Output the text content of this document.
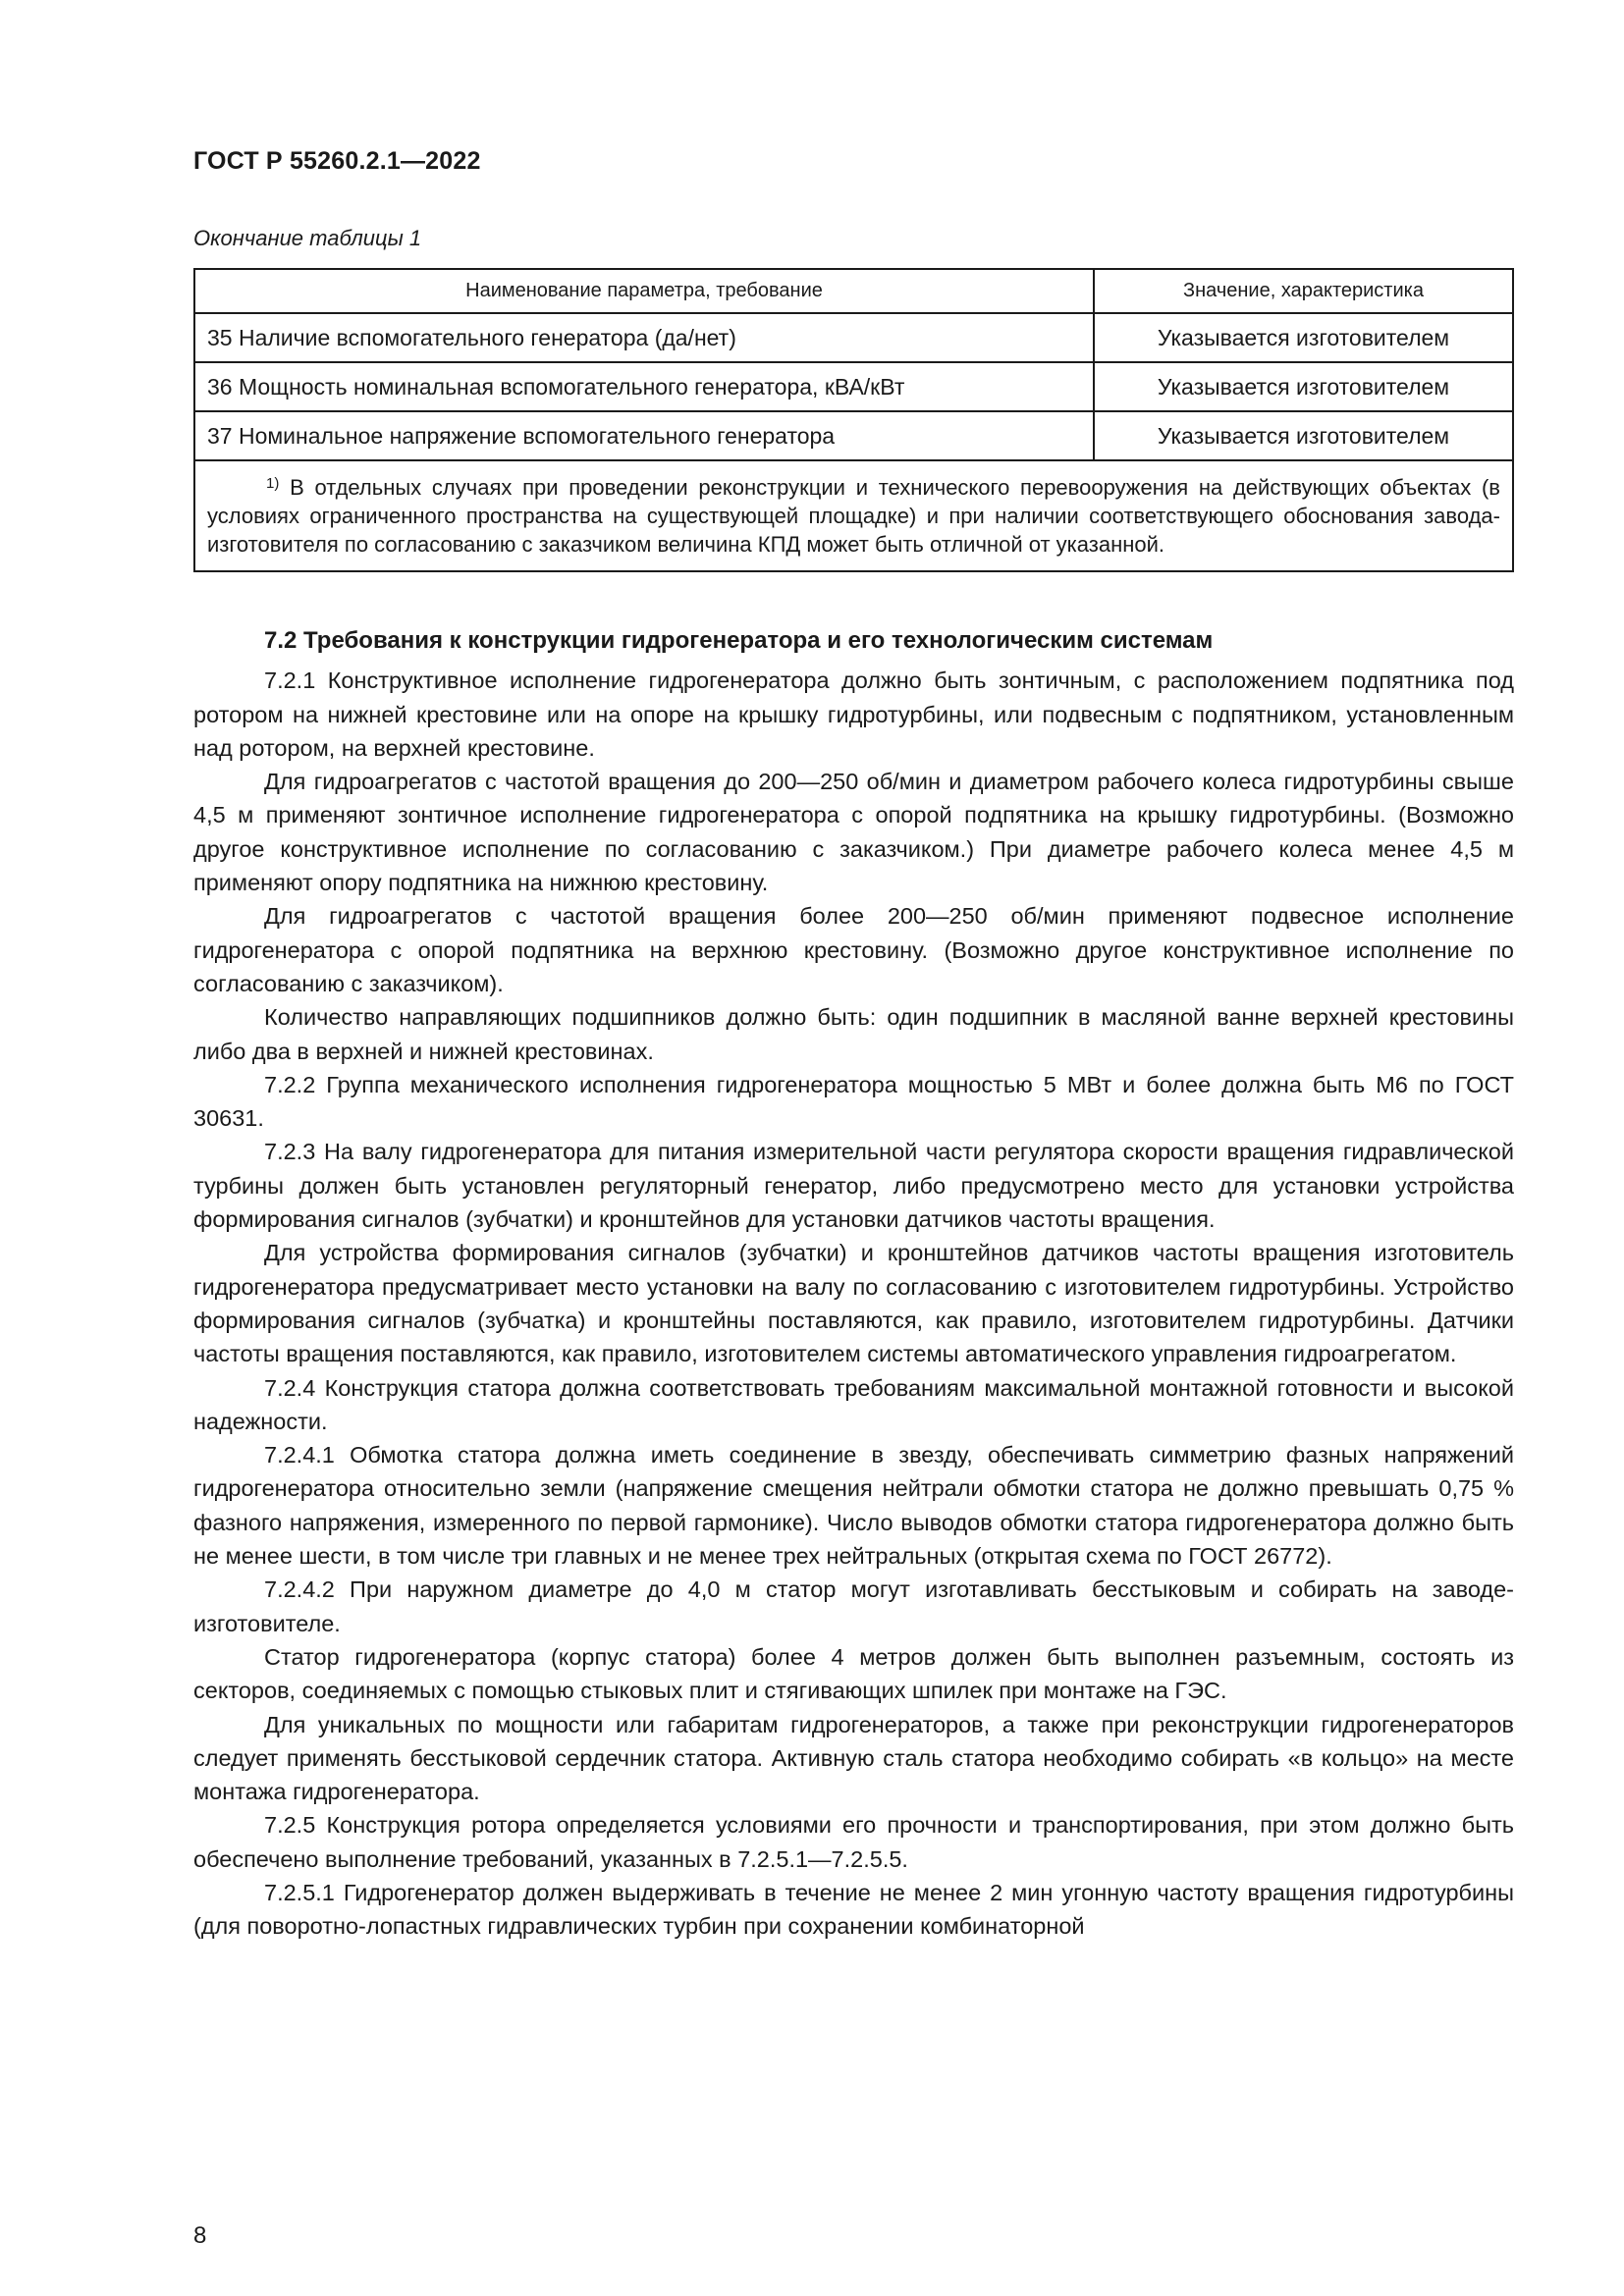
ГОСТ Р 55260.2.1—2022
Окончание таблицы 1
Наименование параметра, требование	Значение, характеристика
35 Наличие вспомогательного генератора (да/нет)	Указывается изготовителем
36 Мощность номинальная вспомогательного генератора, кВА/кВт	Указывается изготовителем
37 Номинальное напряжение вспомогательного генератора	Указывается изготовителем
$^{1)}$ В отдельных случаях при проведении реконструкции и технического перевооружения на действующих объектах (в условиях ограниченного пространства на существующей площадке) и при наличии соответствующего обоснования завода-изготовителя по согласованию с заказчиком величина КПД может быть отличной от указанной.	
7.2 Требования к конструкции гидрогенератора и его технологическим системам

7.2.1 Конструктивное исполнение гидрогенератора должно быть зонтичным, с расположением подпятника под ротором на нижней крестовине или на опоре на крышку гидротурбины, или подвесным с подпятником, установленным над ротором, на верхней крестовине.

Для гидроагрегатов с частотой вращения до 200—250 об/мин и диаметром рабочего колеса гидротурбины свыше 4,5 м применяют зонтичное исполнение гидрогенератора с опорой подпятника на крышку гидротурбины. (Возможно другое конструктивное исполнение по согласованию с заказчиком.) При диаметре рабочего колеса менее 4,5 м применяют опору подпятника на нижнюю крестовину.

Для гидроагрегатов с частотой вращения более 200—250 об/мин применяют подвесное исполнение гидрогенератора с опорой подпятника на верхнюю крестовину. (Возможно другое конструктивное исполнение по согласованию с заказчиком).

Количество направляющих подшипников должно быть: один подшипник в масляной ванне верхней крестовины либо два в верхней и нижней крестовинах.

7.2.2 Группа механического исполнения гидрогенератора мощностью 5 МВт и более должна быть М6 по ГОСТ 30631.

7.2.3 На валу гидрогенератора для питания измерительной части регулятора скорости вращения гидравлической турбины должен быть установлен регуляторный генератор, либо предусмотрено место для установки устройства формирования сигналов (зубчатки) и кронштейнов для установки датчиков частоты вращения.

Для устройства формирования сигналов (зубчатки) и кронштейнов датчиков частоты вращения изготовитель гидрогенератора предусматривает место установки на валу по согласованию с изготовителем гидротурбины. Устройство формирования сигналов (зубчатка) и кронштейны поставляются, как правило, изготовителем гидротурбины. Датчики частоты вращения поставляются, как правило, изготовителем системы автоматического управления гидроагрегатом.

7.2.4 Конструкция статора должна соответствовать требованиям максимальной монтажной готовности и высокой надежности.

7.2.4.1 Обмотка статора должна иметь соединение в звезду, обеспечивать симметрию фазных напряжений гидрогенератора относительно земли (напряжение смещения нейтрали обмотки статора не должно превышать 0,75 % фазного напряжения, измеренного по первой гармонике). Число выводов обмотки статора гидрогенератора должно быть не менее шести, в том числе три главных и не менее трех нейтральных (открытая схема по ГОСТ 26772).

7.2.4.2 При наружном диаметре до 4,0 м статор могут изготавливать бесстыковым и собирать на заводе-изготовителе.

Статор гидрогенератора (корпус статора) более 4 метров должен быть выполнен разъемным, состоять из секторов, соединяемых с помощью стыковых плит и стягивающих шпилек при монтаже на ГЭС.

Для уникальных по мощности или габаритам гидрогенераторов, а также при реконструкции гидрогенераторов следует применять бесстыковой сердечник статора. Активную сталь статора необходимо собирать «в кольцо» на месте монтажа гидрогенератора.

7.2.5 Конструкция ротора определяется условиями его прочности и транспортирования, при этом должно быть обеспечено выполнение требований, указанных в 7.2.5.1—7.2.5.5.

7.2.5.1 Гидрогенератор должен выдерживать в течение не менее 2 мин угонную частоту вращения гидротурбины (для поворотно-лопастных гидравлических турбин при сохранении комбинаторной

8
